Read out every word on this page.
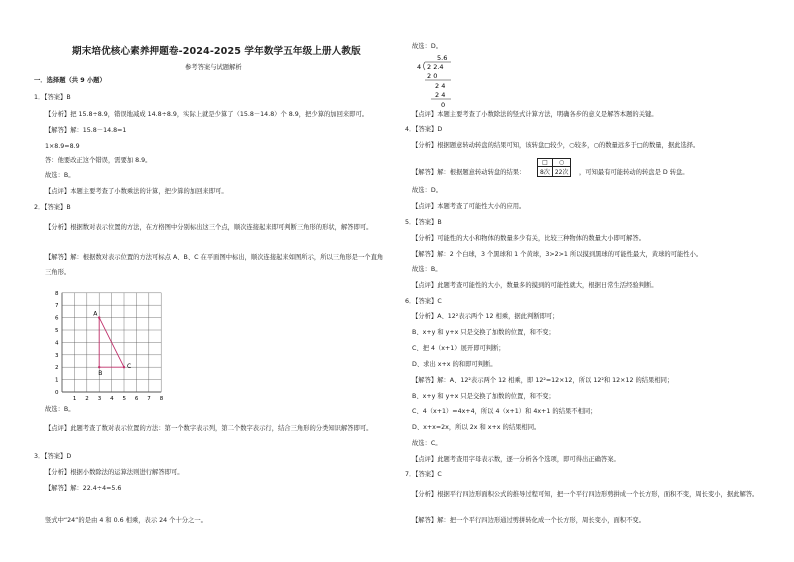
期末培优核心素养押题卷-2024-2025 学年数学五年级上册人教版
参考答案与试题解析
一．选择题（共 9 小题）
1．【答案】B
【分析】把 15.8÷8.9，错误地减成 14.8÷8.9，实际上就是少算了（15.8－14.8）个 8.9，把少算的加回来即可。
【解答】解：15.8－14.8=1
1×8.9=8.9
答：他要改正这个错误，需要加 8.9。
故选：B。
【点评】本题主要考查了小数乘法的计算，把少算的加回来即可。
2．【答案】B
【分析】根据数对表示位置的方法，在方格图中分别标出这三个点，顺次连接起来即可判断三角形的形状，解答即可。
【解答】解：根据数对表示位置的方法可标点 A、B、C 在平面图中标出，顺次连接起来如图所示，所以三角形是一个直角三角形。
8
7
6
5
4
3
2
1
0
1 2 3 4 5 6 7 8
A
B
C
故选：B。
【点评】此题考查了数对表示位置的方法：第一个数字表示列，第二个数字表示行，结合三角形的分类知识解答即可。
3．【答案】D
【分析】根据小数除法的运算法则进行解答即可。
【解答】解：22.4÷4=5.6
竖式中“24”的是由 4 和 0.6 相乘，表示 24 个十分之一。
故选：D。
5.6
4 2 2.4
2 0
2 4
2 4
0
【点评】本题主要考查了小数除法的竖式计算方法，明确各步的意义是解答本题的关键。
4．【答案】D
【分析】根据题意转动转盘的结果可知，该转盘□较少，○较多，○的数量远多于□的数量，据此选择。
【解答】解：根据题意转动转盘的结果：
□	○
8次	22次 ，可知最有可能转动的转盘是 D 转盘。
故选：D。
【点评】本题考查了可能性大小的应用。
5．【答案】B
【分析】可能性的大小和物体的数量多少有关，比较三种物体的数量大小即可解答。
【解答】解：2 个白球，3 个黑球和 1 个黄球，3>2>1 所以摸到黑球的可能性最大，黄球的可能性小。
故选：B。
【点评】此题考查可能性的大小，数量多的摸到的可能性就大，根据日常生活经验判断。
6．【答案】C
【分析】A、12²表示两个 12 相乘，据此判断即可；
B、x+y 和 y+x 只是交换了加数的位置，和不变；
C、把 4（x+1）展开即可判断；
D、求出 x+x 的和即可判断。
【解答】解：A、12²表示两个 12 相乘，即 12²=12×12，所以 12²和 12×12 的结果相同；
B、x+y 和 y+x 只是交换了加数的位置，和不变；
C、4（x+1）=4x+4，所以 4（x+1）和 4x+1 的结果不相同；
D、x+x=2x，所以 2x 和 x+x 的结果相同。
故选：C。
【点评】此题考查用字母表示数，逐一分析各个选项，即可得出正确答案。
7．【答案】C
【分析】根据平行四边形面积公式的推导过程可知，把一个平行四边形剪拼成一个长方形，面积不变，周长变小，据此解答。
【解答】解：把一个平行四边形通过剪拼转化成一个长方形，周长变小，面积不变。
